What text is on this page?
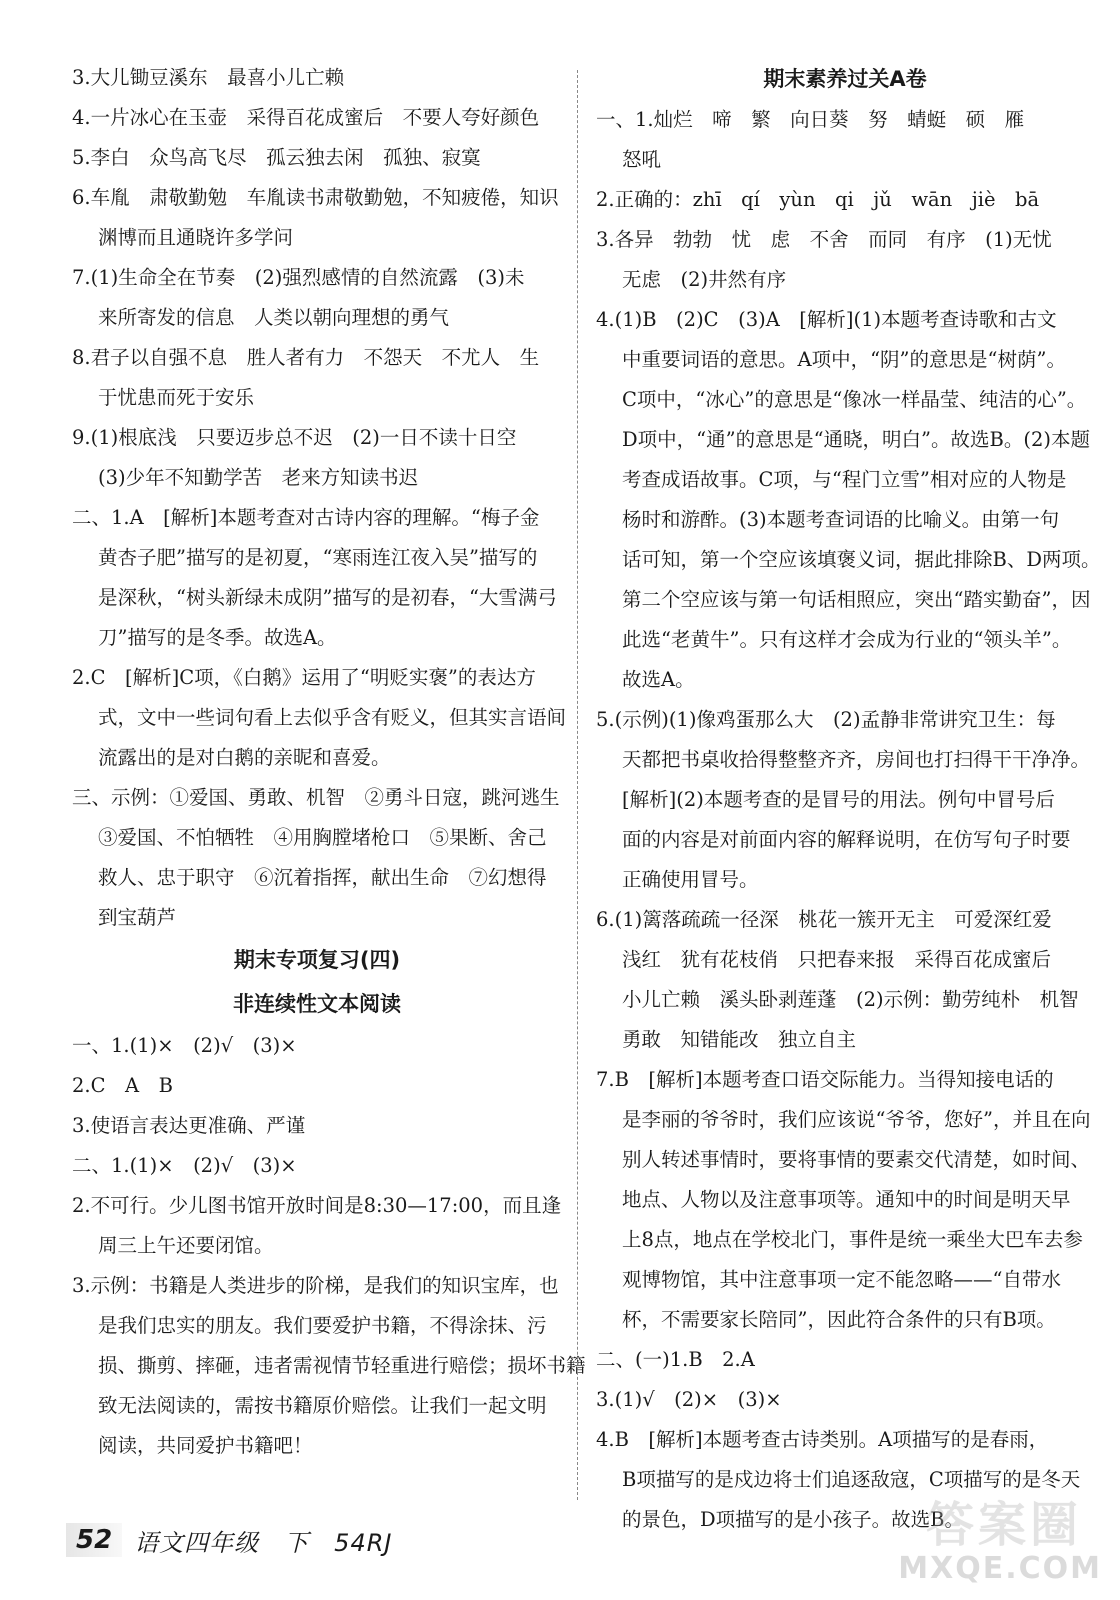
3.大儿锄豆溪东　最喜小儿亡赖
4.一片冰心在玉壶　采得百花成蜜后　不要人夸好颜色
5.李白　众鸟高飞尽　孤云独去闲　孤独、寂寞
6.车胤　肃敬勤勉　车胤读书肃敬勤勉，不知疲倦，知识
渊博而且通晓许多学问
7.(1)生命全在节奏　(2)强烈感情的自然流露　(3)未
来所寄发的信息　人类以朝向理想的勇气
8.君子以自强不息　胜人者有力　不怨天　不尤人　生
于忧患而死于安乐
9.(1)根底浅　只要迈步总不迟　(2)一日不读十日空
(3)少年不知勤学苦　老来方知读书迟
二、1.A　[解析]本题考查对古诗内容的理解。“梅子金
黄杏子肥”描写的是初夏，“寒雨连江夜入吴”描写的
是深秋，“树头新绿未成阴”描写的是初春，“大雪满弓
刀”描写的是冬季。故选A。
2.C　[解析]C项，《白鹅》运用了“明贬实褒”的表达方
式，文中一些词句看上去似乎含有贬义，但其实言语间
流露出的是对白鹅的亲昵和喜爱。
三、示例：①爱国、勇敢、机智　②勇斗日寇，跳河逃生
③爱国、不怕牺牲　④用胸膛堵枪口　⑤果断、舍己
救人、忠于职守　⑥沉着指挥，献出生命　⑦幻想得
到宝葫芦
期末专项复习(四)
非连续性文本阅读
一、1.(1)×　(2)√　(3)×
2.C　A　B
3.使语言表达更准确、严谨
二、1.(1)×　(2)√　(3)×
2.不可行。少儿图书馆开放时间是8:30—17:00，而且逢
周三上午还要闭馆。
3.示例：书籍是人类进步的阶梯，是我们的知识宝库，也
是我们忠实的朋友。我们要爱护书籍，不得涂抹、污
损、撕剪、摔砸，违者需视情节轻重进行赔偿；损坏书籍
致无法阅读的，需按书籍原价赔偿。让我们一起文明
阅读，共同爱护书籍吧！
期末素养过关A卷
一、1.灿烂　啼　繁　向日葵　努　蜻蜓　硕　雁
怒吼
2.正确的：zhī　qí　yùn　qi　jǔ　wān　jiè　bā
3.各异　勃勃　忧　虑　不舍　而同　有序　(1)无忧
无虑　(2)井然有序
4.(1)B　(2)C　(3)A　[解析](1)本题考查诗歌和古文
中重要词语的意思。A项中，“阴”的意思是“树荫”。
C项中，“冰心”的意思是“像冰一样晶莹、纯洁的心”。
D项中，“通”的意思是“通晓，明白”。故选B。(2)本题
考查成语故事。C项，与“程门立雪”相对应的人物是
杨时和游酢。(3)本题考查词语的比喻义。由第一句
话可知，第一个空应该填褒义词，据此排除B、D两项。
第二个空应该与第一句话相照应，突出“踏实勤奋”，因
此选“老黄牛”。只有这样才会成为行业的“领头羊”。
故选A。
5.(示例)(1)像鸡蛋那么大　(2)孟静非常讲究卫生：每
天都把书桌收拾得整整齐齐，房间也打扫得干干净净。
[解析](2)本题考查的是冒号的用法。例句中冒号后
面的内容是对前面内容的解释说明，在仿写句子时要
正确使用冒号。
6.(1)篱落疏疏一径深　桃花一簇开无主　可爱深红爱
浅红　犹有花枝俏　只把春来报　采得百花成蜜后
小儿亡赖　溪头卧剥莲蓬　(2)示例：勤劳纯朴　机智
勇敢　知错能改　独立自主
7.B　[解析]本题考查口语交际能力。当得知接电话的
是李丽的爷爷时，我们应该说“爷爷，您好”，并且在向
别人转述事情时，要将事情的要素交代清楚，如时间、
地点、人物以及注意事项等。通知中的时间是明天早
上8点，地点在学校北门，事件是统一乘坐大巴车去参
观博物馆，其中注意事项一定不能忽略——“自带水
杯，不需要家长陪同”，因此符合条件的只有B项。
二、(一)1.B　2.A
3.(1)√　(2)×　(3)×
4.B　[解析]本题考查古诗类别。A项描写的是春雨，
B项描写的是戍边将士们追逐敌寇，C项描写的是冬天
的景色，D项描写的是小孩子。故选B。
52 语文四年级　下　54RJ	答案圈
MXQE.COM
